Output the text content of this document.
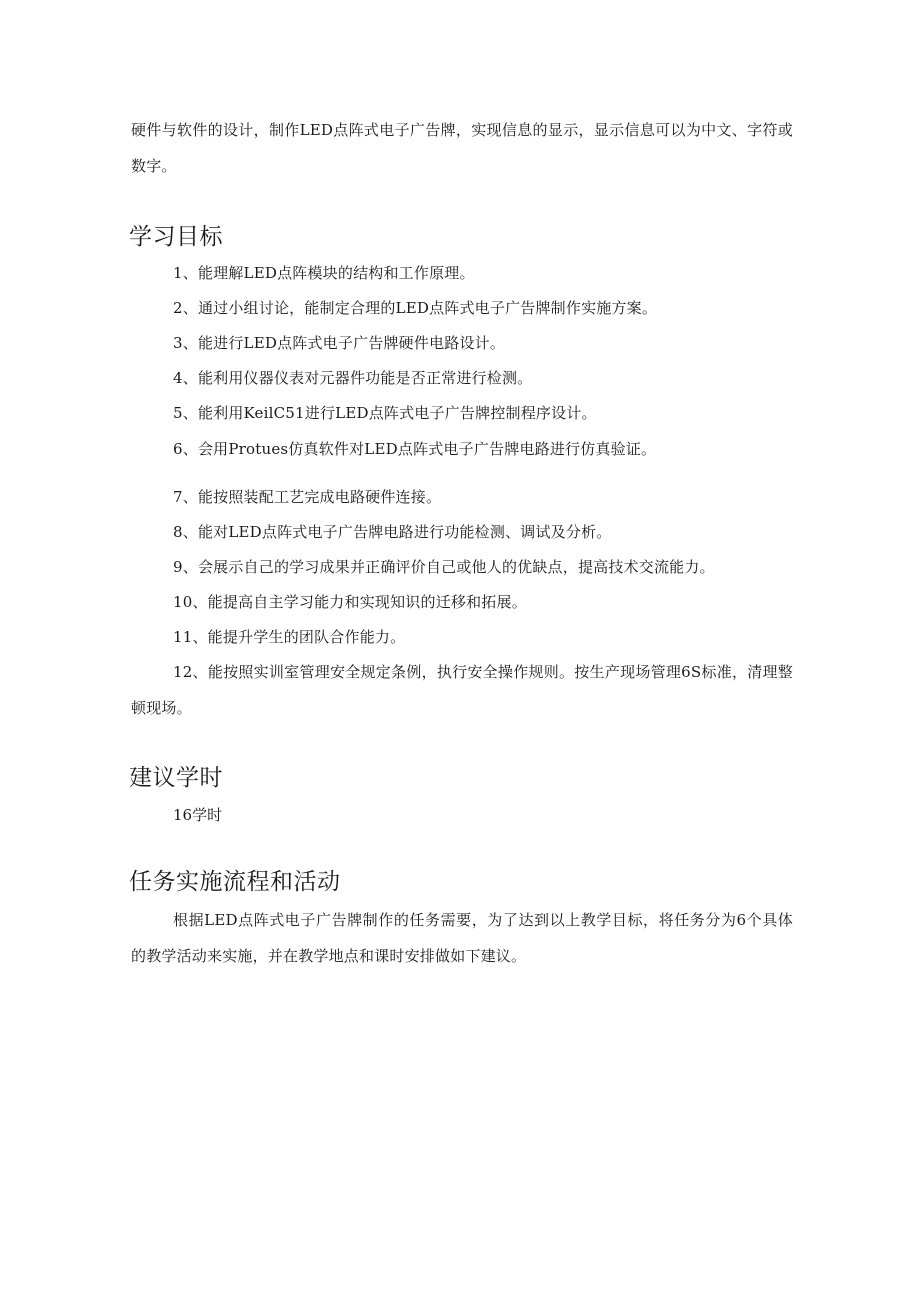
硬件与软件的设计，制作LED点阵式电子广告牌，实现信息的显示，显示信息可以为中文、字符或数字。

学习目标
1、能理解LED点阵模块的结构和工作原理。
2、通过小组讨论，能制定合理的LED点阵式电子广告牌制作实施方案。
3、能进行LED点阵式电子广告牌硬件电路设计。
4、能利用仪器仪表对元器件功能是否正常进行检测。
5、能利用KeilC51进行LED点阵式电子广告牌控制程序设计。
6、会用Protues仿真软件对LED点阵式电子广告牌电路进行仿真验证。
7、能按照装配工艺完成电路硬件连接。
8、能对LED点阵式电子广告牌电路进行功能检测、调试及分析。
9、会展示自己的学习成果并正确评价自己或他人的优缺点，提高技术交流能力。
10、能提高自主学习能力和实现知识的迁移和拓展。
11、能提升学生的团队合作能力。

12、能按照实训室管理安全规定条例，执行安全操作规则。按生产现场管理6S标准，清理整顿现场。

建议学时
16学时
任务实施流程和活动

根据LED点阵式电子广告牌制作的任务需要，为了达到以上教学目标，将任务分为6个具体的教学活动来实施，并在教学地点和课时安排做如下建议。
